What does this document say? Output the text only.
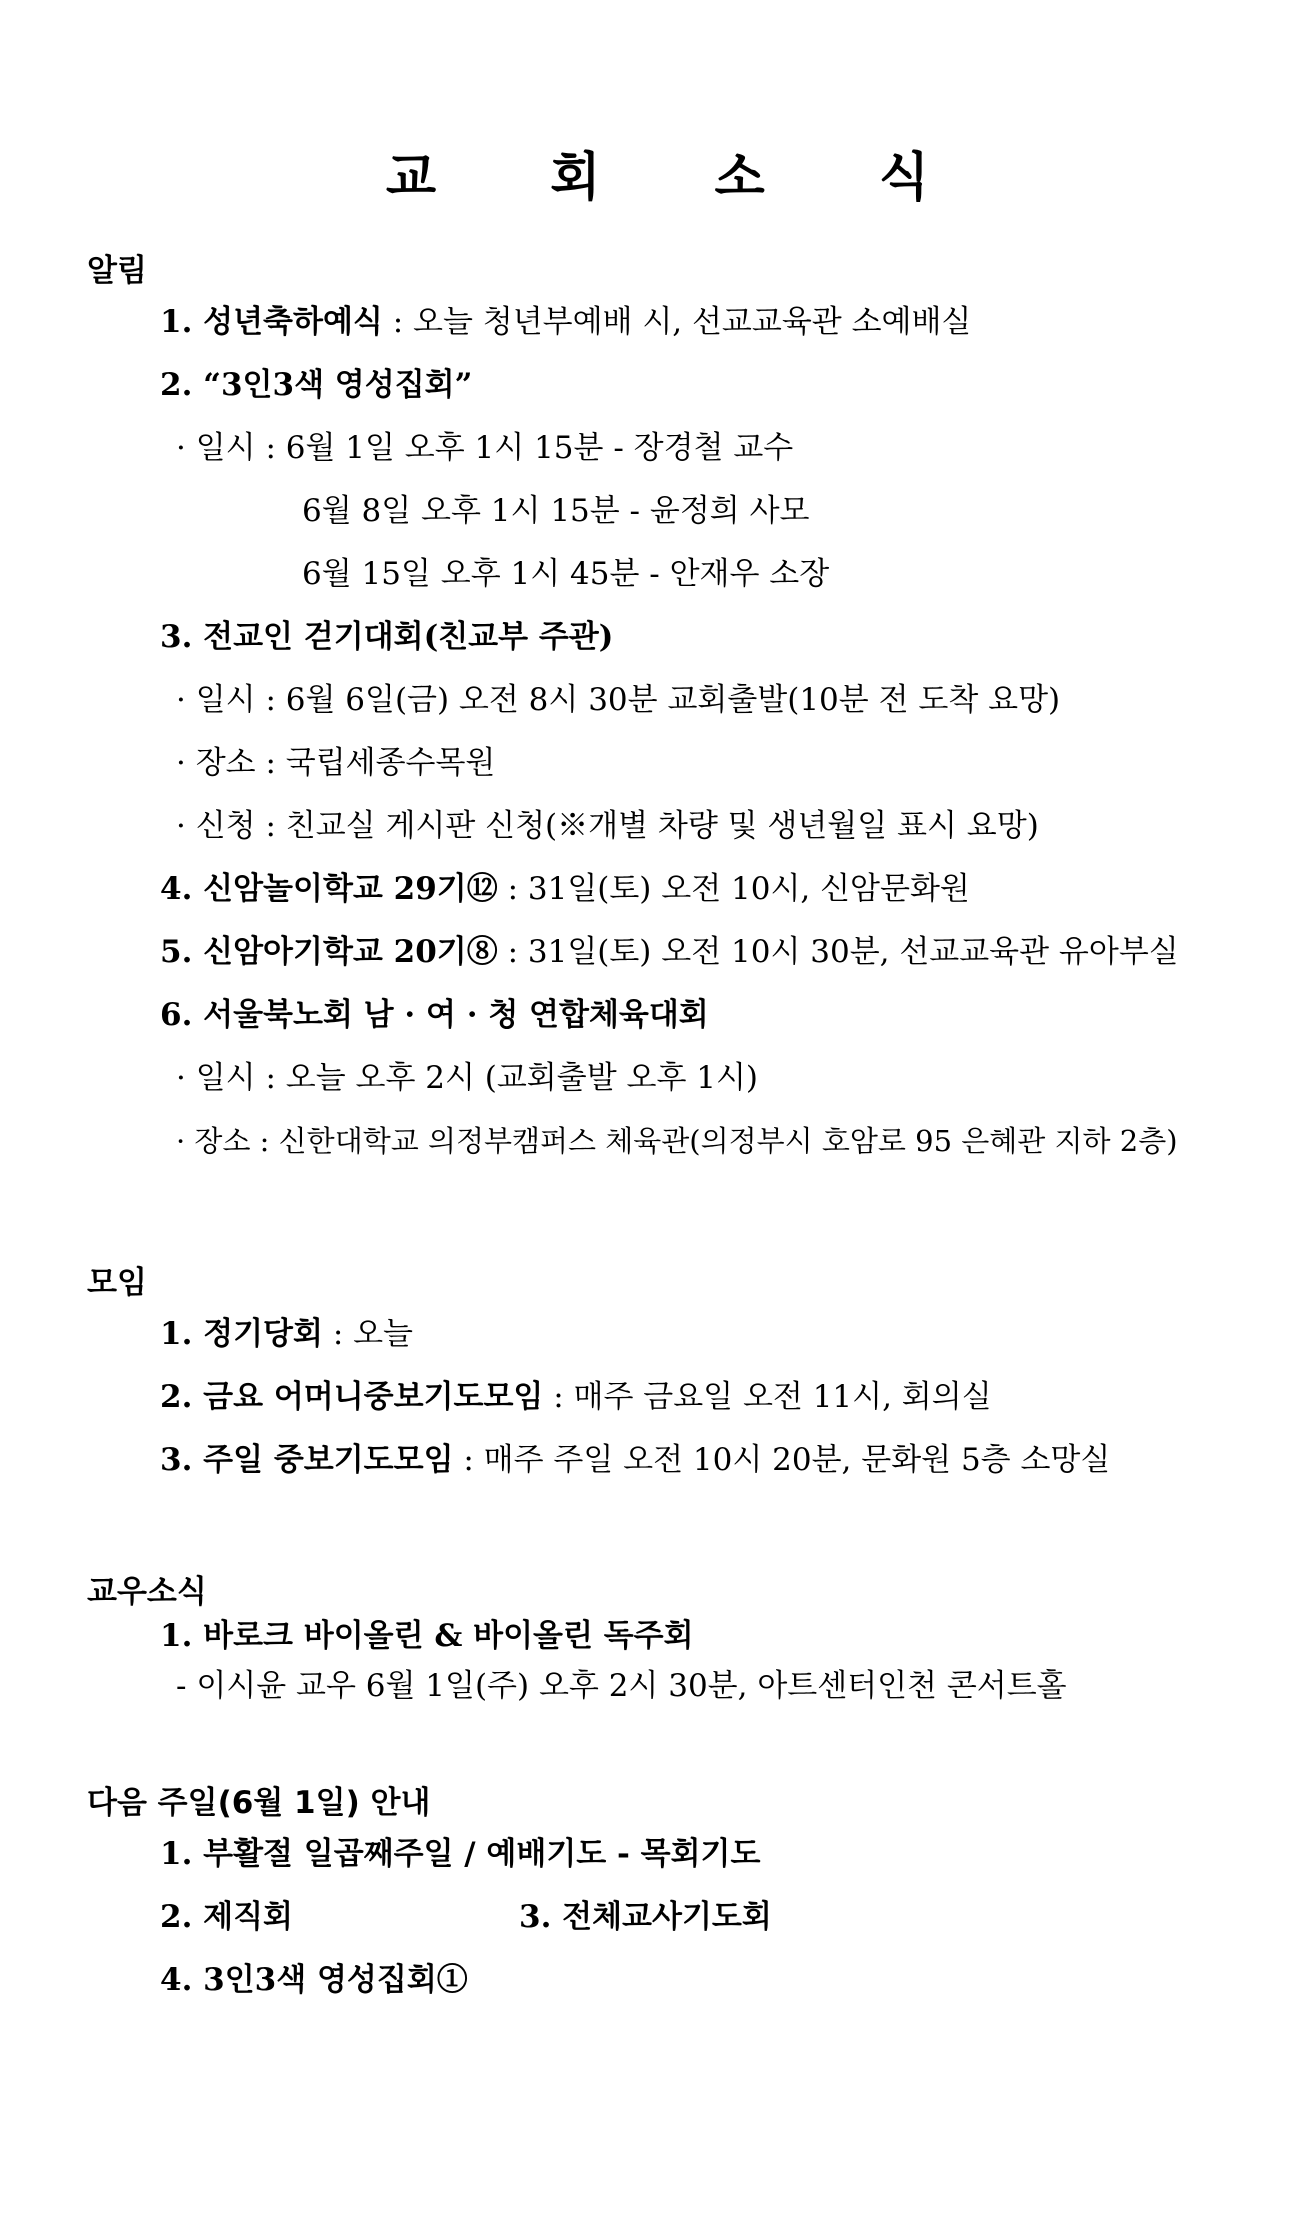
교 회 소 식
알림
1. 성년축하예식 : 오늘 청년부예배 시, 선교교육관 소예배실
2. “3인3색 영성집회”
· 일시 : 6월 1일 오후 1시 15분 - 장경철 교수
6월 8일 오후 1시 15분 - 윤정희 사모
6월 15일 오후 1시 45분 - 안재우 소장
3. 전교인 걷기대회(친교부 주관)
· 일시 : 6월 6일(금) 오전 8시 30분 교회출발(10분 전 도착 요망)
· 장소 : 국립세종수목원
· 신청 : 친교실 게시판 신청(※개별 차량 및 생년월일 표시 요망)
4. 신암놀이학교 29기⑫ : 31일(토) 오전 10시, 신암문화원
5. 신암아기학교 20기⑧ : 31일(토) 오전 10시 30분, 선교교육관 유아부실
6. 서울북노회 남 · 여 · 청 연합체육대회
· 일시 : 오늘 오후 2시 (교회출발 오후 1시)
· 장소 : 신한대학교 의정부캠퍼스 체육관(의정부시 호암로 95 은혜관 지하 2층)
모임
1. 정기당회 : 오늘
2. 금요 어머니중보기도모임 : 매주 금요일 오전 11시, 회의실
3. 주일 중보기도모임 : 매주 주일 오전 10시 20분, 문화원 5층 소망실
교우소식
1. 바로크 바이올린 & 바이올린 독주회
- 이시윤 교우 6월 1일(주) 오후 2시 30분, 아트센터인천 콘서트홀
다음 주일(6월 1일) 안내
1. 부활절 일곱째주일 / 예배기도 - 목회기도
2. 제직회	3. 전체교사기도회
4. 3인3색 영성집회①
